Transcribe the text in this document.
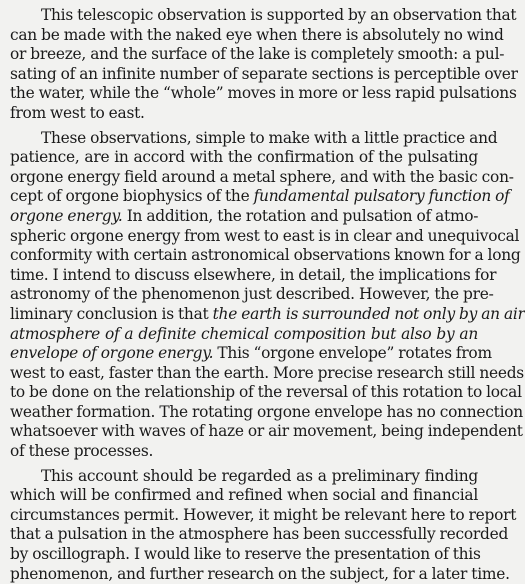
This telescopic observation is supported by an observation that
can be made with the naked eye when there is absolutely no wind
or breeze, and the surface of the lake is completely smooth: a pul-
sating of an infinite number of separate sections is perceptible over
the water, while the “whole” moves in more or less rapid pulsations
from west to east.

These observations, simple to make with a little practice and
patience, are in accord with the confirmation of the pulsating
orgone energy field around a metal sphere, and with the basic con-
cept of orgone biophysics of the fundamental pulsatory function of
orgone energy. In addition, the rotation and pulsation of atmo-
spheric orgone energy from west to east is in clear and unequivocal
conformity with certain astronomical observations known for a long
time. I intend to discuss elsewhere, in detail, the implications for
astronomy of the phenomenon just described. However, the pre-
liminary conclusion is that the earth is surrounded not only by an air
atmosphere of a definite chemical composition but also by an
envelope of orgone energy. This “orgone envelope” rotates from
west to east, faster than the earth. More precise research still needs
to be done on the relationship of the reversal of this rotation to local
weather formation. The rotating orgone envelope has no connection
whatsoever with waves of haze or air movement, being independent
of these processes.

This account should be regarded as a preliminary finding
which will be confirmed and refined when social and financial
circumstances permit. However, it might be relevant here to report
that a pulsation in the atmosphere has been successfully recorded
by oscillograph. I would like to reserve the presentation of this
phenomenon, and further research on the subject, for a later time.
